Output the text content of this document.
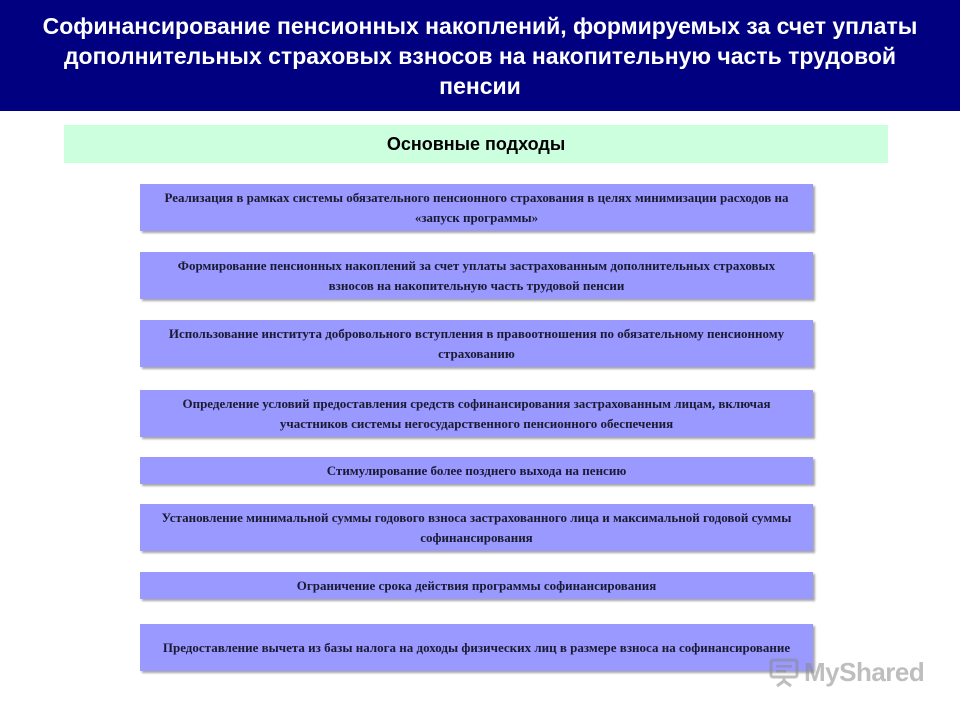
Софинансирование пенсионных накоплений, формируемых за счет уплаты дополнительных страховых взносов на накопительную часть трудовой пенсии
Основные подходы
Реализация в рамках системы обязательного пенсионного страхования в целях минимизации расходов на «запуск программы»
Формирование пенсионных накоплений за счет уплаты застрахованным дополнительных страховых взносов на накопительную часть трудовой пенсии
Использование института добровольного вступления в правоотношения по обязательному пенсионному страхованию
Определение условий предоставления средств софинансирования застрахованным лицам, включая участников системы негосударственного пенсионного обеспечения
Стимулирование более позднего выхода на пенсию
Установление минимальной суммы годового взноса застрахованного лица и максимальной годовой суммы софинансирования
Ограничение срока действия программы софинансирования
Предоставление вычета из базы налога на доходы физических лиц в размере взноса на софинансирование
MyShared
